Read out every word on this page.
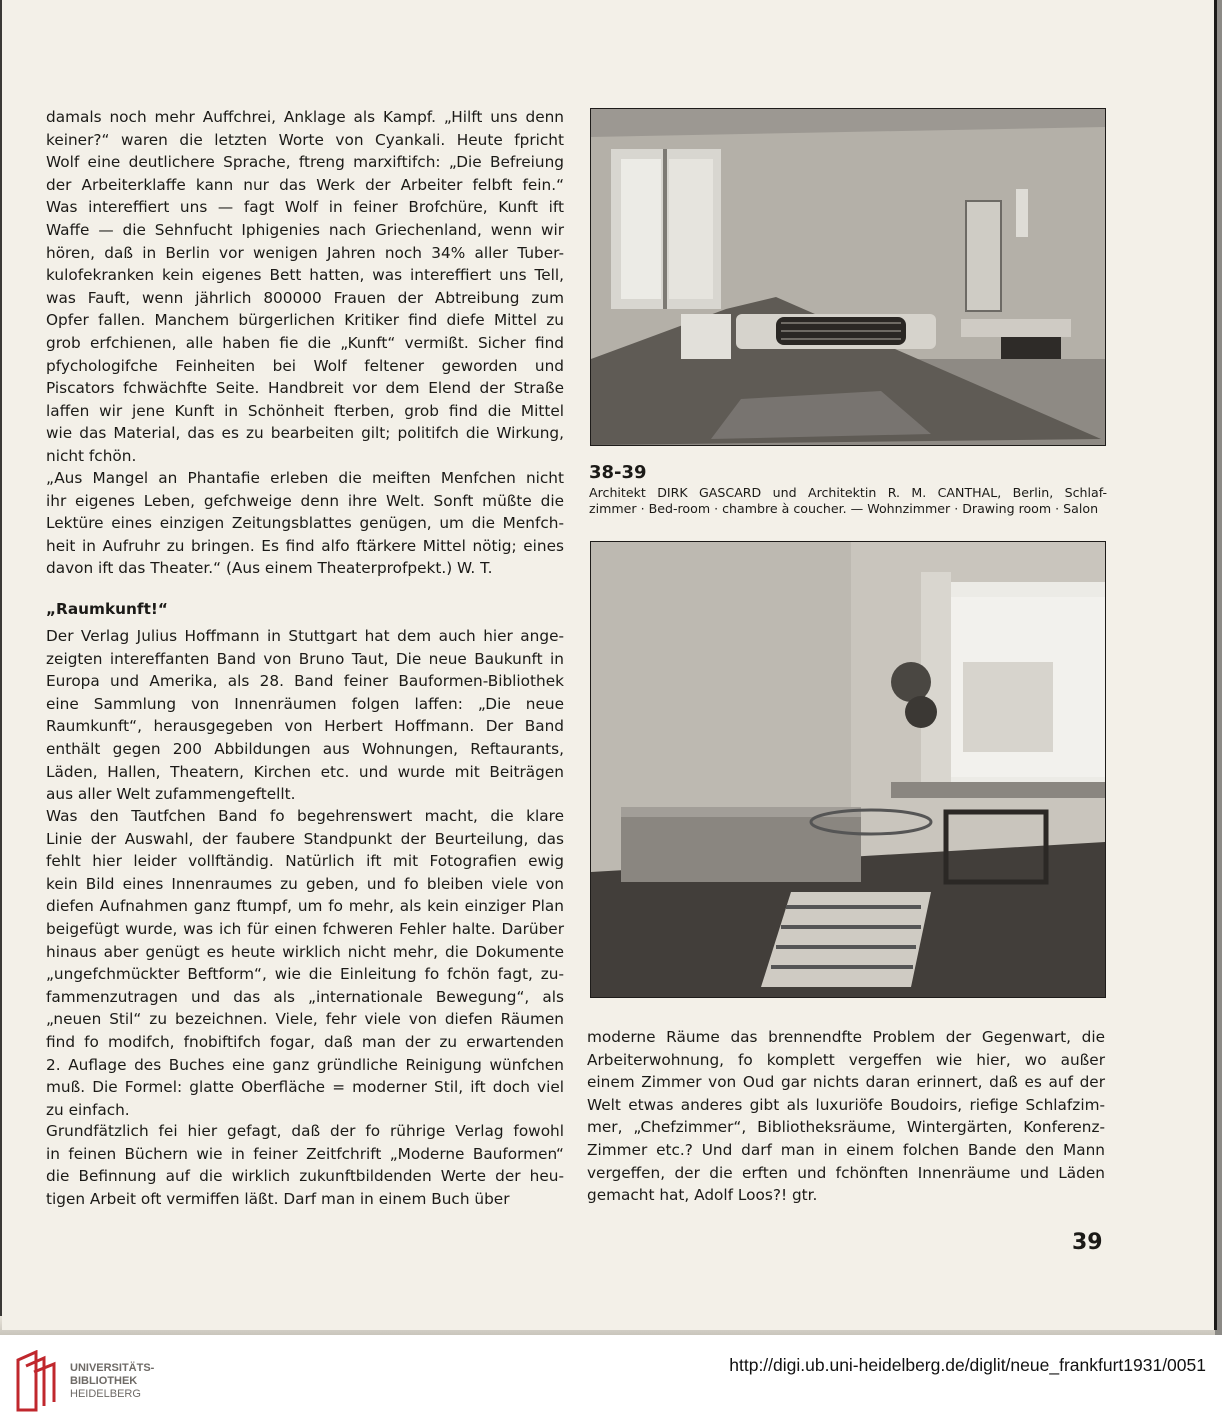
damals noch mehr Auffchrei, Anklage als Kampf. „Hilft uns denn

keiner?“ waren die letzten Worte von Cyankali. Heute fpricht

Wolf eine deutlichere Sprache, ftreng marxiftifch: „Die Befreiung

der Arbeiterklaffe kann nur das Werk der Arbeiter felbft fein.“

Was intereffiert uns — fagt Wolf in feiner Brofchüre, Kunft ift

Waffe — die Sehnfucht Iphigenies nach Griechenland, wenn wir

hören, daß in Berlin vor wenigen Jahren noch 34% aller Tuber-

kulofekranken kein eigenes Bett hatten, was intereffiert uns Tell,

was Fauft, wenn jährlich 800000 Frauen der Abtreibung zum

Opfer fallen. Manchem bürgerlichen Kritiker find diefe Mittel zu

grob erfchienen, alle haben fie die „Kunft“ vermißt. Sicher find

pfychologifche Feinheiten bei Wolf feltener geworden und

Piscators fchwächfte Seite. Handbreit vor dem Elend der Straße

laffen wir jene Kunft in Schönheit fterben, grob find die Mittel

wie das Material, das es zu bearbeiten gilt; politifch die Wirkung,

nicht fchön.

„Aus Mangel an Phantafie erleben die meiften Menfchen nicht

ihr eigenes Leben, gefchweige denn ihre Welt. Sonft müßte die

Lektüre eines einzigen Zeitungsblattes genügen, um die Menfch-

heit in Aufruhr zu bringen. Es find alfo ftärkere Mittel nötig; eines

davon ift das Theater.“ (Aus einem Theaterprofpekt.) W. T.

„Raumkunft!“

Der Verlag Julius Hoffmann in Stuttgart hat dem auch hier ange-

zeigten intereffanten Band von Bruno Taut, Die neue Baukunft in

Europa und Amerika, als 28. Band feiner Bauformen-Bibliothek

eine Sammlung von Innenräumen folgen laffen: „Die neue

Raumkunft“, herausgegeben von Herbert Hoffmann. Der Band

enthält gegen 200 Abbildungen aus Wohnungen, Reftaurants,

Läden, Hallen, Theatern, Kirchen etc. und wurde mit Beiträgen

aus aller Welt zufammengeftellt.

Was den Tautfchen Band fo begehrenswert macht, die klare

Linie der Auswahl, der faubere Standpunkt der Beurteilung, das

fehlt hier leider vollftändig. Natürlich ift mit Fotografien ewig

kein Bild eines Innenraumes zu geben, und fo bleiben viele von

diefen Aufnahmen ganz ftumpf, um fo mehr, als kein einziger Plan

beigefügt wurde, was ich für einen fchweren Fehler halte. Darüber

hinaus aber genügt es heute wirklich nicht mehr, die Dokumente

„ungefchmückter Beftform“, wie die Einleitung fo fchön fagt, zu-

fammenzutragen und das als „internationale Bewegung“, als

„neuen Stil“ zu bezeichnen. Viele, fehr viele von diefen Räumen

find fo modifch, fnobiftifch fogar, daß man der zu erwartenden

2. Auflage des Buches eine ganz gründliche Reinigung wünfchen

muß. Die Formel: glatte Oberfläche = moderner Stil, ift doch viel

zu einfach.

Grundfätzlich fei hier gefagt, daß der fo rührige Verlag fowohl

in feinen Büchern wie in feiner Zeitfchrift „Moderne Bauformen“

die Befinnung auf die wirklich zukunftbildenden Werte der heu-

tigen Arbeit oft vermiffen läßt. Darf man in einem Buch über

38-39
Architekt DIRK GASCARD und Architektin R. M. CANTHAL, Berlin, Schlaf-
zimmer · Bed-room · chambre à coucher. — Wohnzimmer · Drawing room · Salon

moderne Räume das brennendfte Problem der Gegenwart, die

Arbeiterwohnung, fo komplett vergeffen wie hier, wo außer

einem Zimmer von Oud gar nichts daran erinnert, daß es auf der

Welt etwas anderes gibt als luxuriöfe Boudoirs, riefige Schlafzim-

mer, „Chefzimmer“, Bibliotheksräume, Wintergärten, Konferenz-

Zimmer etc.? Und darf man in einem folchen Bande den Mann

vergeffen, der die erften und fchönften Innenräume und Läden

gemacht hat, Adolf Loos?! gtr.

39
UNIVERSITÄTS-
BIBLIOTHEK
HEIDELBERG
http://digi.ub.uni-heidelberg.de/diglit/neue_frankfurt1931/0051
